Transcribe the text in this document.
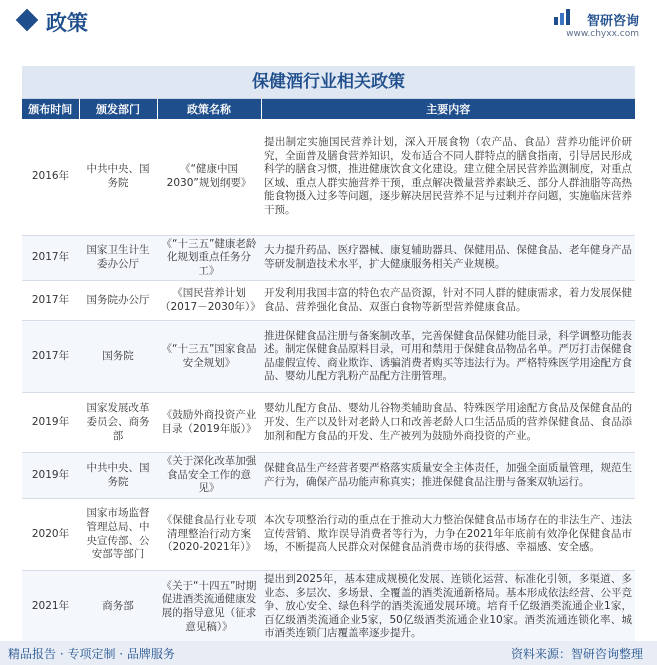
政策	智研咨询
www.chyxx.com
保健酒行业相关政策
颁布时间	颁发部门	政策名称	主要内容
2016年	中共中央、国务院	《“健康中国2030”规划纲要》	提出制定实施国民营养计划，深入开展食物（农产品、食品）营养功能评价研究，全面普及膳食营养知识，发布适合不同人群特点的膳食指南，引导居民形成科学的膳食习惯，推进健康饮食文化建设。建立健全居民营养监测制度，对重点区域、重点人群实施营养干预，重点解决微量营养素缺乏、部分人群油脂等高热能食物摄入过多等问题，逐步解决居民营养不足与过剩并存问题，实施临床营养干预。
2017年	国家卫生计生委办公厅	《“十三五”健康老龄化规划重点任务分工》	大力提升药品、医疗器械、康复辅助器具、保健用品、保健食品、老年健身产品等研发制造技术水平，扩大健康服务相关产业规模。
2017年	国务院办公厅	《国民营养计划（2017－2030年）》	开发利用我国丰富的特色农产品资源，针对不同人群的健康需求，着力发展保健食品、营养强化食品、双蛋白食物等新型营养健康食品。
2017年	国务院	《“十三五”国家食品安全规划》	推进保健食品注册与备案制改革，完善保健食品保健功能目录，科学调整功能表述。制定保健食品原料目录，可用和禁用于保健食品物品名单。严厉打击保健食品虚假宣传、商业欺诈、诱骗消费者购买等违法行为。严格特殊医学用途配方食品、婴幼儿配方乳粉产品配方注册管理。
2019年	国家发展改革委员会、商务部	《鼓励外商投资产业目录（2019年版）》	婴幼儿配方食品、婴幼儿谷物类辅助食品、特殊医学用途配方食品及保健食品的开发、生产以及针对老龄人口和改善老龄人口生活品质的营养保健食品、食品添加剂和配方食品的开发、生产被列为鼓励外商投资的产业。
2019年	中共中央、国务院	《关于深化改革加强食品安全工作的意见》	保健食品生产经营者要严格落实质量安全主体责任，加强全面质量管理，规范生产行为，确保产品功能声称真实；推进保健食品注册与备案双轨运行。
2020年	国家市场监督管理总局、中央宣传部、公安部等部门	《保健食品行业专项清理整治行动方案（2020-2021年）》	本次专项整治行动的重点在于推动大力整治保健食品市场存在的非法生产、违法宣传营销、欺诈误导消费者等行为，力争在2021年年底前有效净化保健食品市场，不断提高人民群众对保健食品消费市场的获得感、幸福感、安全感。
2021年	商务部	《关于“十四五”时期促进酒类流通健康发展的指导意见（征求意见稿）》	提出到2025年，基本建成规模化发展、连锁化运营、标准化引领，多渠道、多业态、多层次、多场景、全覆盖的酒类流通新格局。基本形成依法经营、公平竞争、放心安全、绿色科学的酒类流通发展环境。培育千亿级酒类流通企业1家，百亿级酒类流通企业5家，50亿级酒类流通企业10家。酒类流通连锁化率、城市酒类连锁门店覆盖率逐步提升。
精品报告 · 专项定制 · 品牌服务	资料来源：智研咨询整理
